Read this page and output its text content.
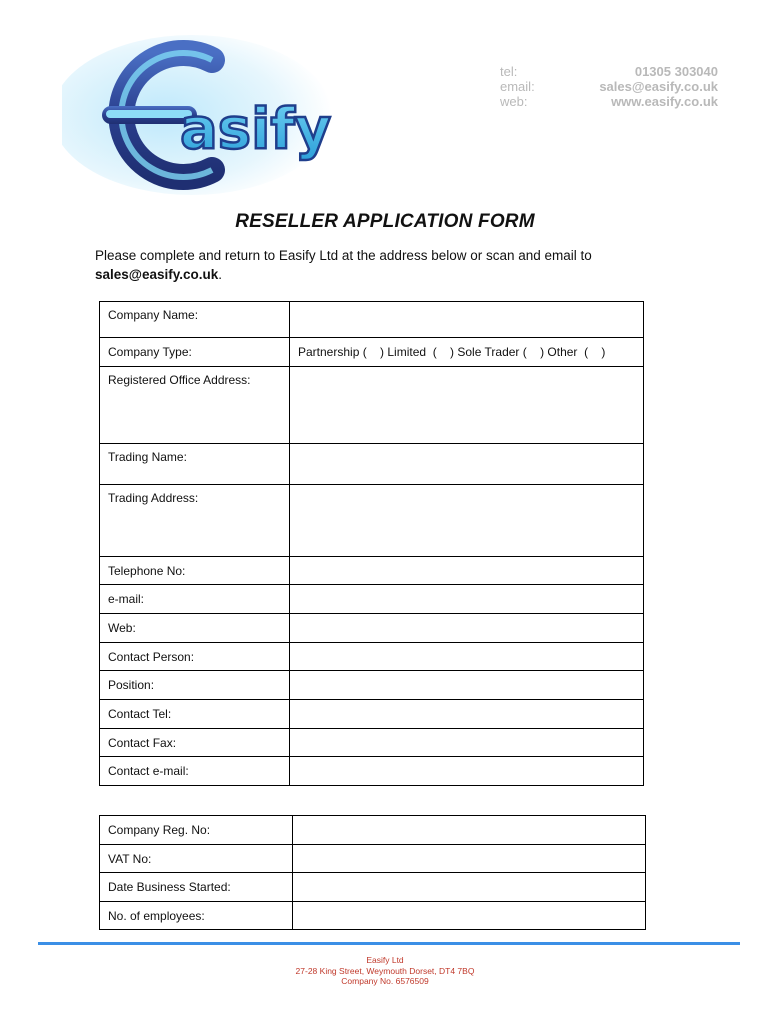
asify
tel:	01305 303040
email:	sales@easify.co.uk
web:	www.easify.co.uk
RESELLER APPLICATION FORM
Please complete and return to Easify Ltd at the address below or scan and email to
sales@easify.co.uk.
Company Name:	
Company Type:	Partnership (    ) Limited  (    ) Sole Trader (    ) Other  (    )

Registered Office Address:	
Trading Name:	
Trading Address:	
Telephone No:	
e-mail:	
Web:	
Contact Person:	
Position:	
Contact Tel:	
Contact Fax:	
Contact e-mail:	
Company Reg. No:	
VAT No:	
Date Business Started:	
No. of employees:	
Easify Ltd
27-28 King Street, Weymouth Dorset, DT4 7BQ
Company No. 6576509
